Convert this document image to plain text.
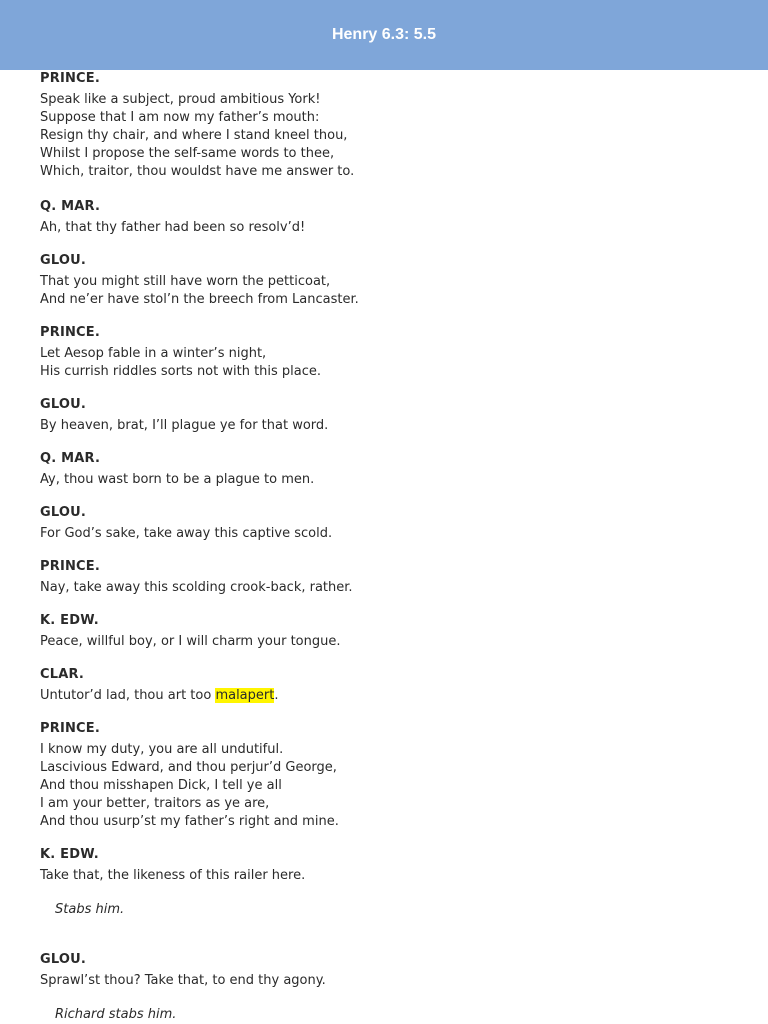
Henry 6.3: 5.5
PRINCE.
Speak like a subject, proud ambitious York!
Suppose that I am now my father’s mouth:
Resign thy chair, and where I stand kneel thou,
Whilst I propose the self-same words to thee,
Which, traitor, thou wouldst have me answer to.
Q. MAR.
Ah, that thy father had been so resolv’d!
GLOU.
That you might still have worn the petticoat,
And ne’er have stol’n the breech from Lancaster.
PRINCE.
Let Aesop fable in a winter’s night,
His currish riddles sorts not with this place.
GLOU.
By heaven, brat, I’ll plague ye for that word.
Q. MAR.
Ay, thou wast born to be a plague to men.
GLOU.
For God’s sake, take away this captive scold.
PRINCE.
Nay, take away this scolding crook-back, rather.
K. EDW.
Peace, willful boy, or I will charm your tongue.
CLAR.
Untutor’d lad, thou art too malapert.
PRINCE.
I know my duty, you are all undutiful.
Lascivious Edward, and thou perjur’d George,
And thou misshapen Dick, I tell ye all
I am your better, traitors as ye are,
And thou usurp’st my father’s right and mine.
K. EDW.
Take that, the likeness of this railer here.
Stabs him.
GLOU.
Sprawl’st thou? Take that, to end thy agony.
Richard stabs him.
